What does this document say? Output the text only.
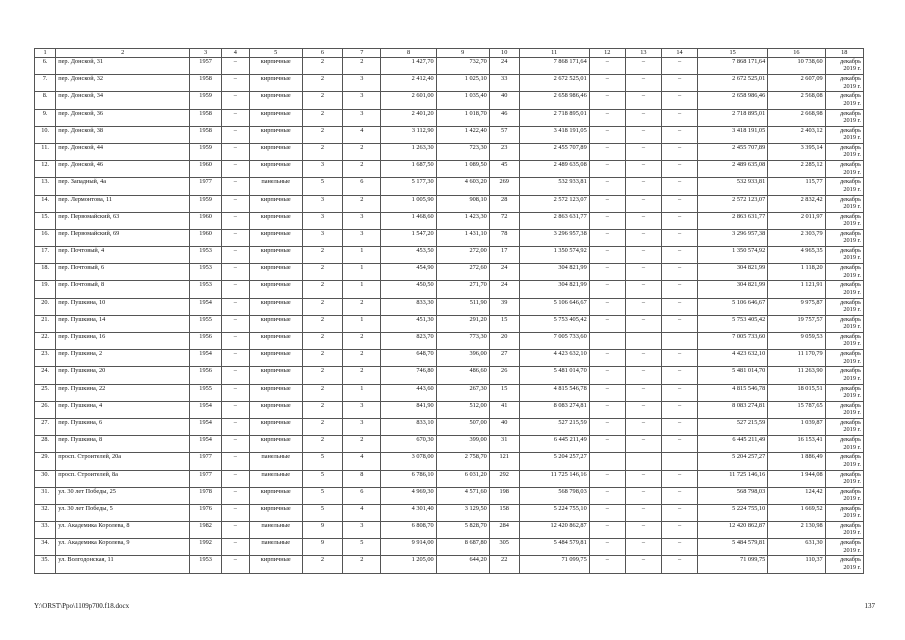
1	2	3	4	5	6	7	8	9	10	11	12	13	14	15	16	18
6.	пер. Донской, 31	1957	–	кирпичные	2	2	1 427,70	732,70	24	7 868 171,64	–	–	–	7 868 171,64	10 738,60	декабрь 2019 г.
7.	пер. Донской, 32	1958	–	кирпичные	2	3	2 412,40	1 025,10	33	2 672 525,01	–	–	–	2 672 525,01	2 607,09	декабрь 2019 г.
8.	пер. Донской, 34	1959	–	кирпичные	2	3	2 601,00	1 035,40	40	2 658 986,46	–	–	–	2 658 986,46	2 568,08	декабрь 2019 г.
9.	пер. Донской, 36	1958	–	кирпичные	2	3	2 401,20	1 018,70	46	2 718 895,01	–	–	–	2 718 895,01	2 668,98	декабрь 2019 г.
10.	пер. Донской, 38	1958	–	кирпичные	2	4	3 112,90	1 422,40	57	3 418 191,05	–	–	–	3 418 191,05	2 403,12	декабрь 2019 г.
11.	пер. Донской, 44	1959	–	кирпичные	2	2	1 263,30	723,30	23	2 455 707,89	–	–	–	2 455 707,89	3 395,14	декабрь 2019 г.
12.	пер. Донской, 46	1960	–	кирпичные	3	2	1 687,50	1 089,50	45	2 489 635,08	–	–	–	2 489 635,08	2 285,12	декабрь 2019 г.
13.	пер. Западный, 4а	1977	–	панельные	5	6	5 177,30	4 603,20	269	532 933,81	–	–	–	532 933,81	115,77	декабрь 2019 г.
14.	пер. Лермонтова, 11	1959	–	кирпичные	3	2	1 005,90	908,10	28	2 572 123,07	–	–	–	2 572 123,07	2 832,42	декабрь 2019 г.
15.	пер. Первомайский, 63	1960	–	кирпичные	3	3	1 468,60	1 423,30	72	2 863 631,77	–	–	–	2 863 631,77	2 011,97	декабрь 2019 г.
16.	пер. Первомайский, 69	1960	–	кирпичные	3	3	1 547,20	1 431,10	78	3 296 957,38	–	–	–	3 296 957,38	2 303,79	декабрь 2019 г.
17.	пер. Почтовый, 4	1953	–	кирпичные	2	1	453,50	272,00	17	1 350 574,92	–	–	–	1 350 574,92	4 965,35	декабрь 2019 г.
18.	пер. Почтовый, 6	1953	–	кирпичные	2	1	454,90	272,60	24	304 821,99	–	–	–	304 821,99	1 118,20	декабрь 2019 г.
19.	пер. Почтовый, 8	1953	–	кирпичные	2	1	450,50	271,70	24	304 821,99	–	–	–	304 821,99	1 121,91	декабрь 2019 г.
20.	пер. Пушкина, 10	1954	–	кирпичные	2	2	833,30	511,90	39	5 106 646,67	–	–	–	5 106 646,67	9 975,87	декабрь 2019 г.
21.	пер. Пушкина, 14	1955	–	кирпичные	2	1	451,30	291,20	15	5 753 405,42	–	–	–	5 753 405,42	19 757,57	декабрь 2019 г.
22.	пер. Пушкина, 16	1956	–	кирпичные	2	2	823,70	773,30	20	7 005 733,60				7 005 733,60	9 059,53	декабрь 2019 г.
23.	пер. Пушкина, 2	1954	–	кирпичные	2	2	648,70	396,00	27	4 423 632,10	–	–	–	4 423 632,10	11 170,79	декабрь 2019 г.
24.	пер. Пушкина, 20	1956	–	кирпичные	2	2	746,80	486,60	26	5 481 014,70	–	–	–	5 481 014,70	11 263,90	декабрь 2019 г.
25.	пер. Пушкина, 22	1955	–	кирпичные	2	1	443,60	267,30	15	4 815 546,78	–	–	–	4 815 546,78	18 015,51	декабрь 2019 г.
26.	пер. Пушкина, 4	1954	–	кирпичные	2	3	841,90	512,00	41	8 083 274,81	–	–	–	8 083 274,81	15 787,65	декабрь 2019 г.
27.	пер. Пушкина, 6	1954	–	кирпичные	2	3	833,10	507,00	40	527 215,59	–	–	–	527 215,59	1 039,87	декабрь 2019 г.
28.	пер. Пушкина, 8	1954	–	кирпичные	2	2	670,30	399,00	31	6 445 211,49	–	–	–	6 445 211,49	16 153,41	декабрь 2019 г.
29.	просп. Строителей, 20а	1977	–	панельные	5	4	3 078,00	2 758,70	121	5 204 257,27				5 204 257,27	1 886,49	декабрь 2019 г.
30.	просп. Строителей, 8а	1977	–	панельные	5	8	6 786,10	6 031,20	292	11 725 146,16	–	–	–	11 725 146,16	1 944,08	декабрь 2019 г.
31.	ул. 30 лет Победы, 25	1978	–	кирпичные	5	6	4 969,30	4 571,60	198	568 798,03	–	–	–	568 798,03	124,42	декабрь 2019 г.
32.	ул. 30 лет Победы, 5	1976	–	кирпичные	5	4	4 301,40	3 129,50	158	5 224 755,10	–	–	–	5 224 755,10	1 669,52	декабрь 2019 г.
33.	ул. Академика Королева, 8	1982	–	панельные	9	3	6 808,70	5 828,70	284	12 420 862,87	–	–	–	12 420 862,87	2 130,98	декабрь 2019 г.
34.	ул. Академика Королева, 9	1992	–	панельные	9	5	9 914,00	8 687,80	305	5 484 579,81	–	–	–	5 484 579,81	631,30	декабрь 2019 г.
35.	ул. Волгодонская, 11	1953	–	кирпичные	2	2	1 205,00	644,20	22	71 099,75	–	–	–	71 099,75	110,37	декабрь 2019 г.
Y:\ORST\Ppo\1109p700.f18.docx	137
